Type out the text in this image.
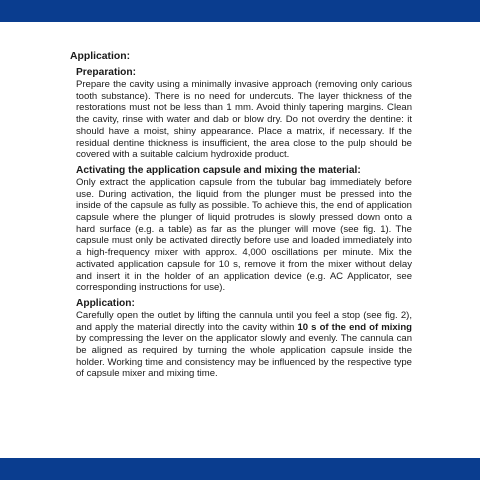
Application:
Preparation:

Prepare the cavity using a minimally invasive approach (removing only carious tooth substance). There is no need for undercuts. The layer thickness of the restorations must not be less than 1 mm. Avoid thinly tapering margins. Clean the cavity, rinse with water and dab or blow dry. Do not overdry the dentine: it should have a moist, shiny appearance. Place a matrix, if necessary. If the residual dentine thickness is insufficient, the area close to the pulp should be covered with a suitable calcium hydroxide product.

Activating the application capsule and mixing the material:

Only extract the application capsule from the tubular bag immediately before use. During activation, the liquid from the plunger must be pressed into the inside of the capsule as fully as possible. To achieve this, the end of application capsule where the plunger of liquid protrudes is slowly pressed down onto a hard surface (e.g. a table) as far as the plunger will move (see fig. 1). The capsule must only be activated directly before use and loaded immediately into a high-frequency mixer with approx. 4,000 oscillations per minute. Mix the activated application capsule for 10 s, remove it from the mixer without delay and insert it in the holder of an application device (e.g. AC Applicator, see corresponding instructions for use).

Application:

Carefully open the outlet by lifting the cannula until you feel a stop (see fig. 2), and apply the material directly into the cavity within 10 s of the end of mixing by compressing the lever on the applicator slowly and evenly. The cannula can be aligned as required by turning the whole application capsule inside the holder. Working time and consistency may be influenced by the respective type of capsule mixer and mixing time.
